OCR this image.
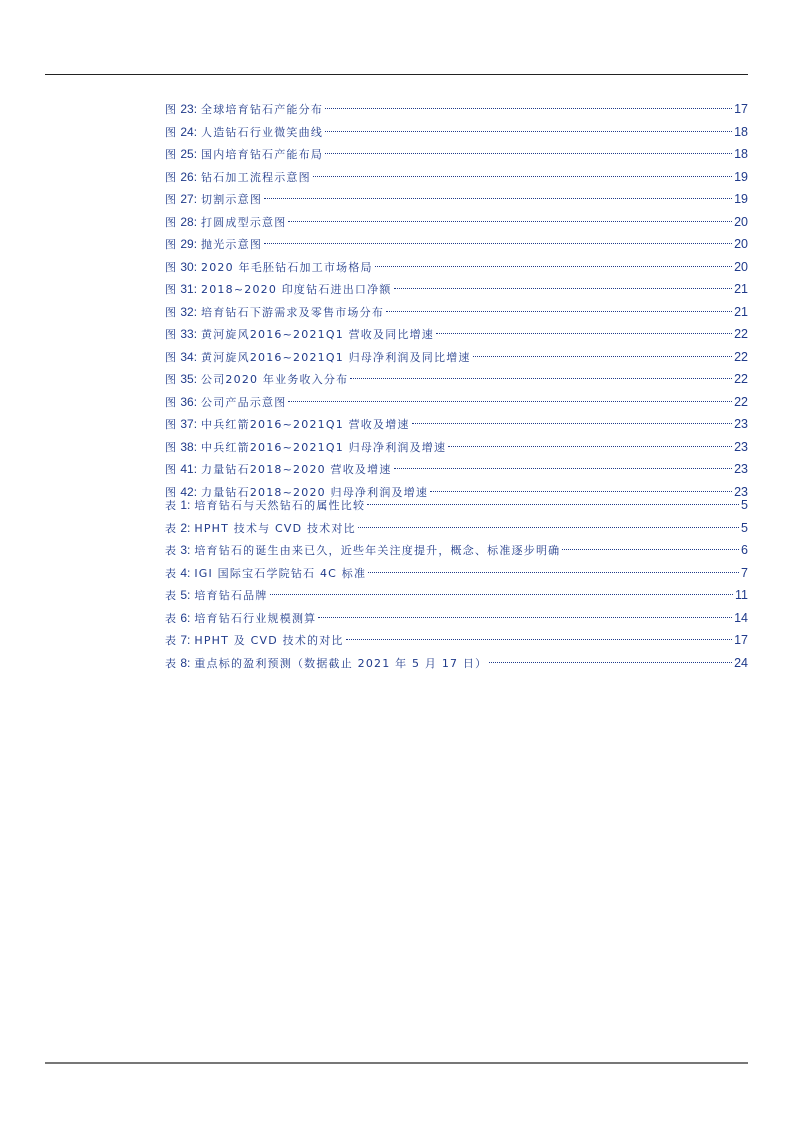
图 23: 全球培育钻石产能分布	17
图 24: 人造钻石行业微笑曲线	18
图 25: 国内培育钻石产能布局	18
图 26: 钻石加工流程示意图	19
图 27: 切割示意图	19
图 28: 打圆成型示意图	20
图 29: 抛光示意图	20
图 30: 2020 年毛胚钻石加工市场格局	20
图 31: 2018~2020 印度钻石进出口净额	21
图 32: 培育钻石下游需求及零售市场分布	21
图 33: 黄河旋风2016~2021Q1 营收及同比增速	22
图 34: 黄河旋风2016~2021Q1 归母净利润及同比增速	22
图 35: 公司2020 年业务收入分布	22
图 36: 公司产品示意图	22
图 37: 中兵红箭2016~2021Q1 营收及增速	23
图 38: 中兵红箭2016~2021Q1 归母净利润及增速	23
图 41: 力量钻石2018~2020 营收及增速	23
图 42: 力量钻石2018~2020 归母净利润及增速	23
表 1: 培育钻石与天然钻石的属性比较	5
表 2: HPHT 技术与 CVD 技术对比	5
表 3: 培育钻石的诞生由来已久，近些年关注度提升，概念、标准逐步明确	6
表 4: IGI 国际宝石学院钻石 4C 标准	7
表 5: 培育钻石品牌	11
表 6: 培育钻石行业规模测算	14
表 7: HPHT 及 CVD 技术的对比	17
表 8: 重点标的盈利预测（数据截止 2021 年 5 月 17 日）	24
